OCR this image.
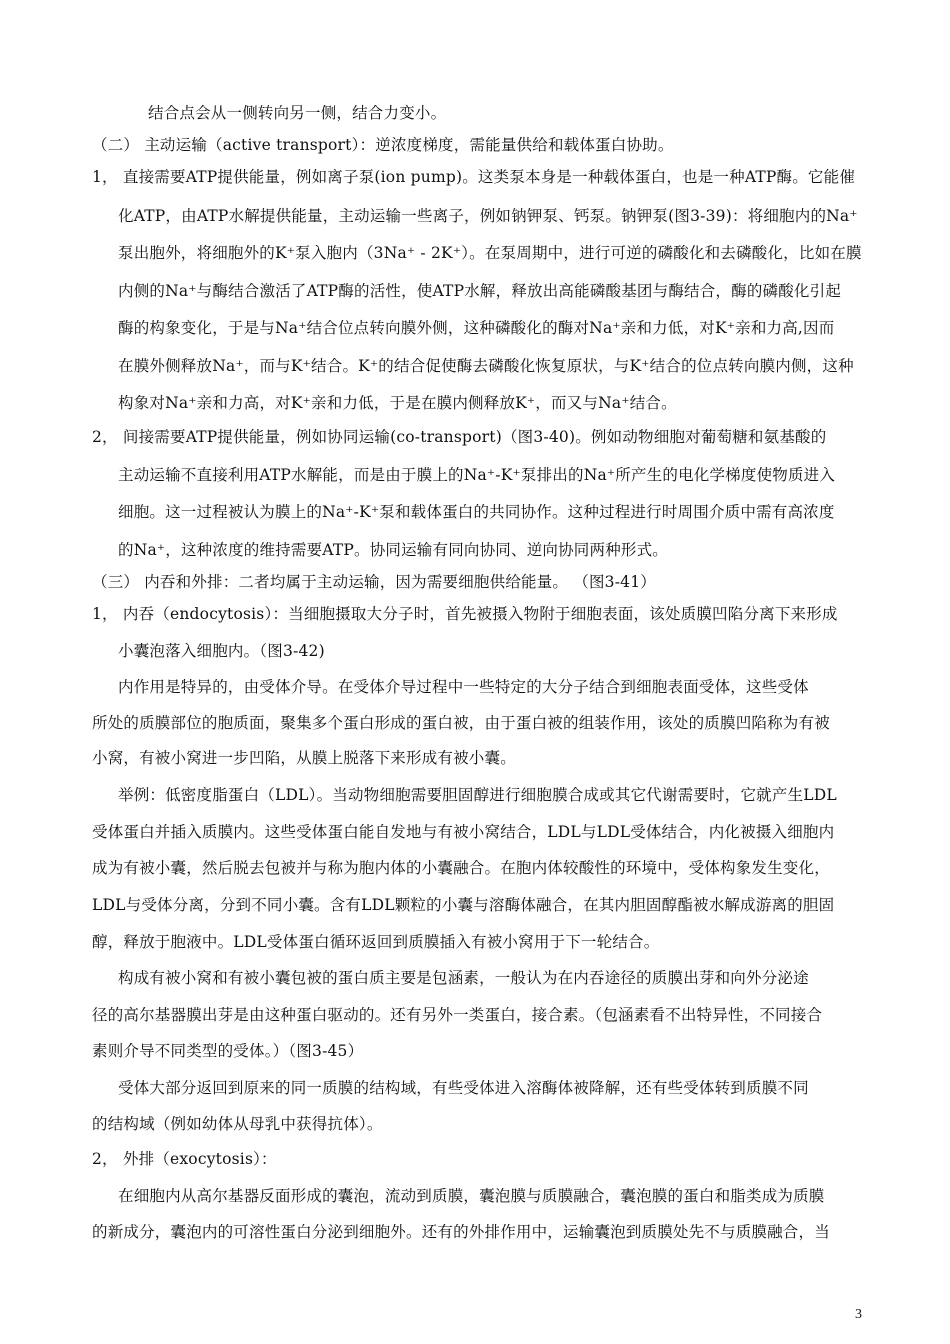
结合点会从一侧转向另一侧，结合力变小。
（二） 主动运输（active transport）：逆浓度梯度，需能量供给和载体蛋白协助。
1， 直接需要ATP提供能量，例如离子泵(ion pump)。这类泵本身是一种载体蛋白，也是一种ATP酶。它能催
化ATP，由ATP水解提供能量，主动运输一些离子，例如钠钾泵、钙泵。钠钾泵(图3-39)：将细胞内的Na⁺
泵出胞外，将细胞外的K⁺泵入胞内（3Na⁺ - 2K⁺）。在泵周期中，进行可逆的磷酸化和去磷酸化，比如在膜
内侧的Na⁺与酶结合激活了ATP酶的活性，使ATP水解，释放出高能磷酸基团与酶结合，酶的磷酸化引起
酶的构象变化，于是与Na⁺结合位点转向膜外侧，这种磷酸化的酶对Na⁺亲和力低，对K⁺亲和力高,因而
在膜外侧释放Na⁺，而与K⁺结合。K⁺的结合促使酶去磷酸化恢复原状，与K⁺结合的位点转向膜内侧，这种
构象对Na⁺亲和力高，对K⁺亲和力低，于是在膜内侧释放K⁺，而又与Na⁺结合。
2， 间接需要ATP提供能量，例如协同运输(co-transport)（图3-40)。例如动物细胞对葡萄糖和氨基酸的
主动运输不直接利用ATP水解能，而是由于膜上的Na⁺-K⁺泵排出的Na⁺所产生的电化学梯度使物质进入
细胞。这一过程被认为膜上的Na⁺-K⁺泵和载体蛋白的共同协作。这种过程进行时周围介质中需有高浓度
的Na⁺，这种浓度的维持需要ATP。协同运输有同向协同、逆向协同两种形式。
（三） 内吞和外排：二者均属于主动运输，因为需要细胞供给能量。 （图3-41）
1， 内吞（endocytosis）：当细胞摄取大分子时，首先被摄入物附于细胞表面，该处质膜凹陷分离下来形成
小囊泡落入细胞内。（图3-42)
内作用是特异的，由受体介导。在受体介导过程中一些特定的大分子结合到细胞表面受体，这些受体
所处的质膜部位的胞质面，聚集多个蛋白形成的蛋白被，由于蛋白被的组装作用，该处的质膜凹陷称为有被
小窝，有被小窝进一步凹陷，从膜上脱落下来形成有被小囊。
举例：低密度脂蛋白（LDL）。当动物细胞需要胆固醇进行细胞膜合成或其它代谢需要时，它就产生LDL
受体蛋白并插入质膜内。这些受体蛋白能自发地与有被小窝结合，LDL与LDL受体结合，内化被摄入细胞内
成为有被小囊，然后脱去包被并与称为胞内体的小囊融合。在胞内体较酸性的环境中，受体构象发生变化，
LDL与受体分离，分到不同小囊。含有LDL颗粒的小囊与溶酶体融合，在其内胆固醇酯被水解成游离的胆固
醇，释放于胞液中。LDL受体蛋白循环返回到质膜插入有被小窝用于下一轮结合。
构成有被小窝和有被小囊包被的蛋白质主要是包涵素，一般认为在内吞途径的质膜出芽和向外分泌途
径的高尔基器膜出芽是由这种蛋白驱动的。还有另外一类蛋白，接合素。（包涵素看不出特异性，不同接合
素则介导不同类型的受体。）（图3-45）
受体大部分返回到原来的同一质膜的结构域，有些受体进入溶酶体被降解，还有些受体转到质膜不同
的结构域（例如幼体从母乳中获得抗体）。
2， 外排（exocytosis）：
在细胞内从高尔基器反面形成的囊泡，流动到质膜，囊泡膜与质膜融合，囊泡膜的蛋白和脂类成为质膜
的新成分，囊泡内的可溶性蛋白分泌到细胞外。还有的外排作用中，运输囊泡到质膜处先不与质膜融合，当
3
